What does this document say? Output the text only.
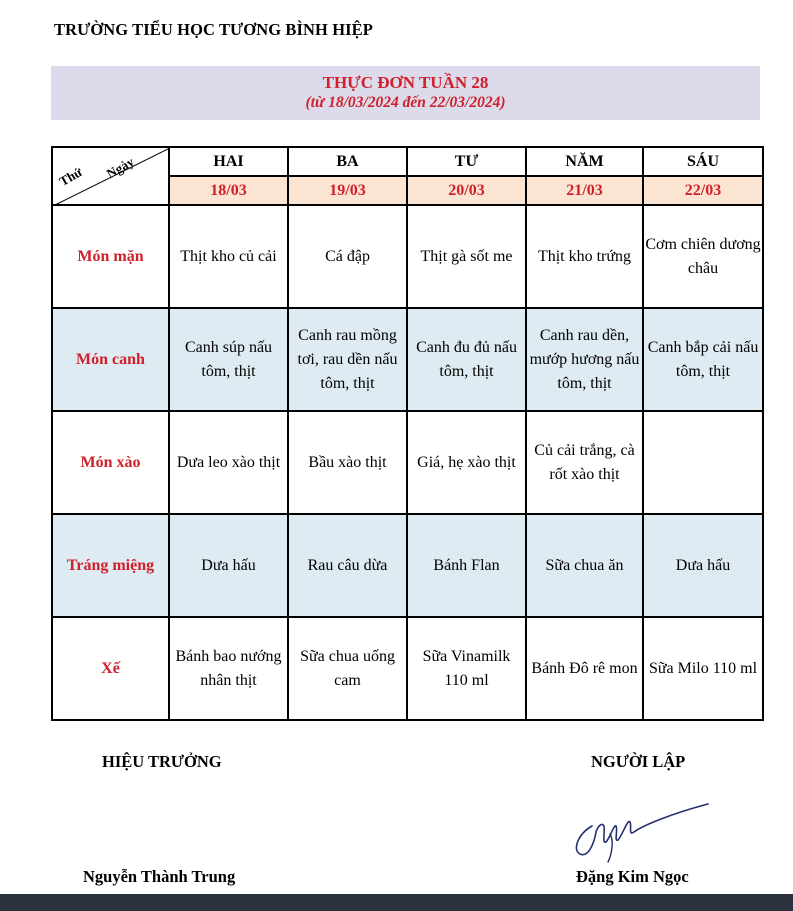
TRƯỜNG TIỂU HỌC TƯƠNG BÌNH HIỆP
THỰC ĐƠN TUẦN 28
(từ 18/03/2024 đến 22/03/2024)
Thứ Ngày	HAI	BA	TƯ	NĂM	SÁU
	18/03	19/03	20/03	21/03	22/03
Món mặn	Thịt kho củ cải	Cá đập	Thịt gà sốt me	Thịt kho trứng	Cơm chiên dương châu
Món canh	Canh súp nấu tôm, thịt	Canh rau mồng tơi, rau dền nấu tôm, thịt	Canh đu đủ nấu tôm, thịt	Canh rau dền, mướp hương nấu tôm, thịt	Canh bắp cải nấu tôm, thịt
Món xào	Dưa leo xào thịt	Bầu xào thịt	Giá, hẹ xào thịt	Củ cải trắng, cà rốt xào thịt	
Tráng miệng	Dưa hấu	Rau câu dừa	Bánh Flan	Sữa chua ăn	Dưa hấu
Xế	Bánh bao nướng nhân thịt	Sữa chua uống cam	Sữa Vinamilk 110 ml	Bánh Đô rê mon	Sữa Milo 110 ml
HIỆU TRƯỞNG	NGƯỜI LẬP
Nguyễn Thành Trung	Đặng Kim Ngọc
